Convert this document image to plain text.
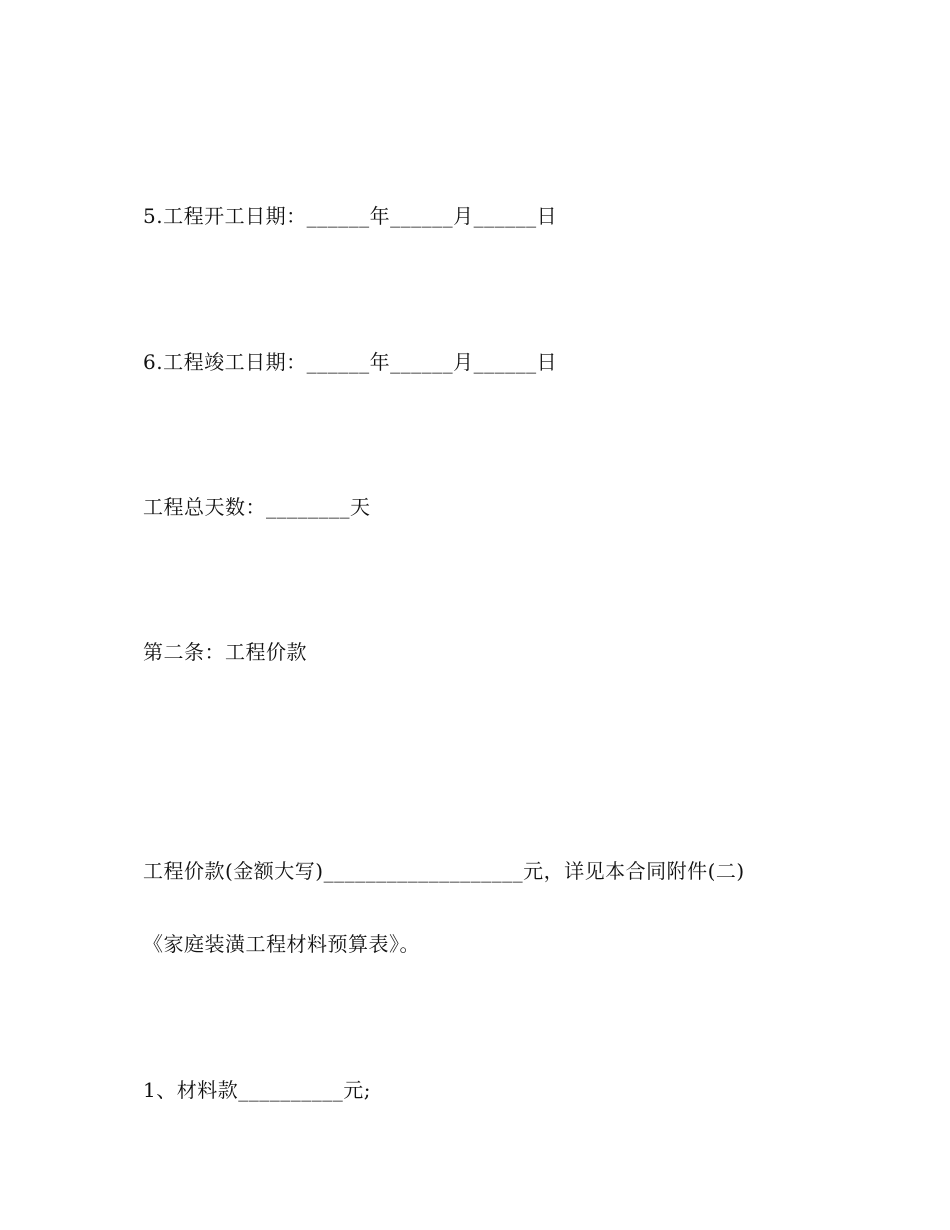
5.工程开工日期：______年______月______日
6.工程竣工日期：______年______月______日
工程总天数：________天
第二条：工程价款
工程价款(金额大写)___________________元，详见本合同附件(二)
《家庭装潢工程材料预算表》。
1、材料款__________元;
